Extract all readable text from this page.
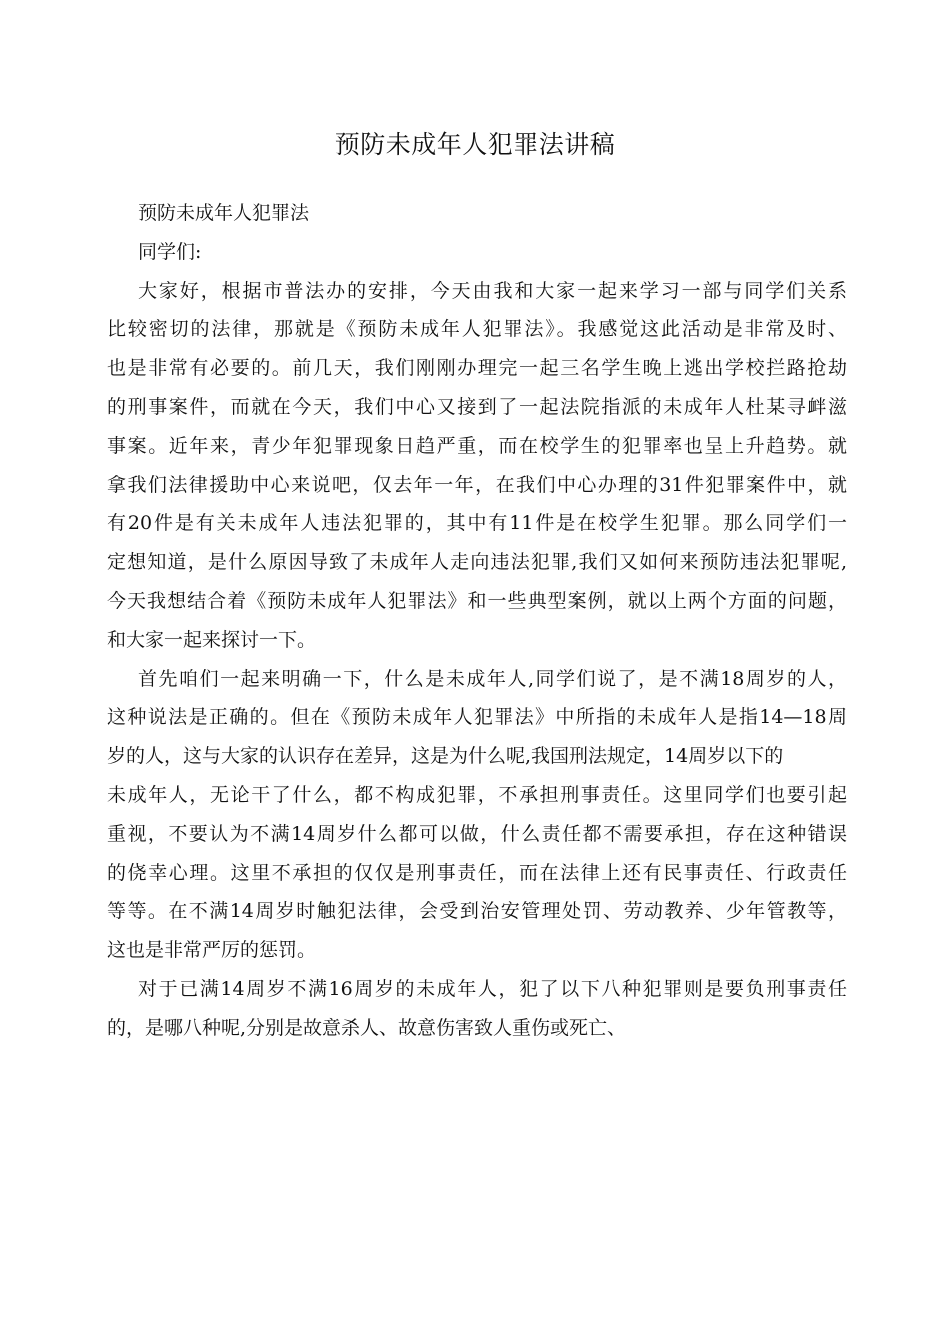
预防未成年人犯罪法讲稿
预防未成年人犯罪法
同学们:
大家好，根据市普法办的安排，今天由我和大家一起来学习一部与同学们关系
比较密切的法律，那就是《预防未成年人犯罪法》。我感觉这此活动是非常及时、
也是非常有必要的。前几天，我们刚刚办理完一起三名学生晚上逃出学校拦路抢劫
的刑事案件，而就在今天，我们中心又接到了一起法院指派的未成年人杜某寻衅滋
事案。近年来，青少年犯罪现象日趋严重，而在校学生的犯罪率也呈上升趋势。就
拿我们法律援助中心来说吧，仅去年一年，在我们中心办理的31件犯罪案件中，就
有20件是有关未成年人违法犯罪的，其中有11件是在校学生犯罪。那么同学们一
定想知道，是什么原因导致了未成年人走向违法犯罪,我们又如何来预防违法犯罪呢,
今天我想结合着《预防未成年人犯罪法》和一些典型案例，就以上两个方面的问题，
和大家一起来探讨一下。
首先咱们一起来明确一下，什么是未成年人,同学们说了，是不满18周岁的人，
这种说法是正确的。但在《预防未成年人犯罪法》中所指的未成年人是指14—18周
岁的人，这与大家的认识存在差异，这是为什么呢,我国刑法规定，14周岁以下的
未成年人，无论干了什么，都不构成犯罪，不承担刑事责任。这里同学们也要引起
重视，不要认为不满14周岁什么都可以做，什么责任都不需要承担，存在这种错误
的侥幸心理。这里不承担的仅仅是刑事责任，而在法律上还有民事责任、行政责任
等等。在不满14周岁时触犯法律，会受到治安管理处罚、劳动教养、少年管教等，
这也是非常严厉的惩罚。
对于已满14周岁不满16周岁的未成年人，犯了以下八种犯罪则是要负刑事责任
的，是哪八种呢,分别是故意杀人、故意伤害致人重伤或死亡、
